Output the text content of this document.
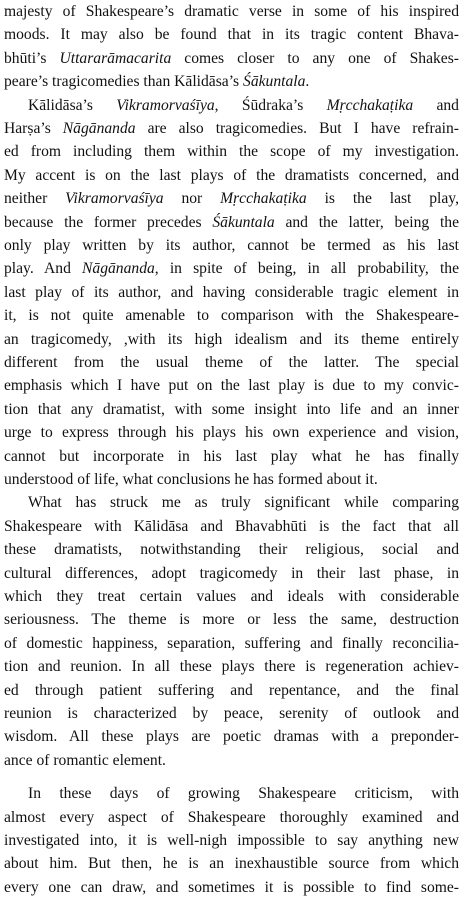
majesty of Shakespeare’s dramatic verse in some of his inspired
moods. It may also be found that in its tragic content Bhava-
bhūti’s Uttararāmacarita comes closer to any one of Shakes-
peare’s tragicomedies than Kālidāsa’s Śākuntala.
Kālidāsa’s Vikramorvaśīya, Śūdraka’s Mṛcchakaṭika and
Harṣa’s Nāgānanda are also tragicomedies. But I have refrain-
ed from including them within the scope of my investigation.
My accent is on the last plays of the dramatists concerned, and
neither Vikramorvaśīya nor Mṛcchakaṭika is the last play,
because the former precedes Śākuntala and the latter, being the
only play written by its author, cannot be termed as his last
play. And Nāgānanda, in spite of being, in all probability, the
last play of its author, and having considerable tragic element in
it, is not quite amenable to comparison with the Shakespeare-
an tragicomedy, ,with its high idealism and its theme entirely
different from the usual theme of the latter. The special
emphasis which I have put on the last play is due to my convic-
tion that any dramatist, with some insight into life and an inner
urge to express through his plays his own experience and vision,
cannot but incorporate in his last play what he has finally
understood of life, what conclusions he has formed about it.
What has struck me as truly significant while comparing
Shakespeare with Kālidāsa and Bhavabhūti is the fact that all
these dramatists, notwithstanding their religious, social and
cultural differences, adopt tragicomedy in their last phase, in
which they treat certain values and ideals with considerable
seriousness. The theme is more or less the same, destruction
of domestic happiness, separation, suffering and finally reconcilia-
tion and reunion. In all these plays there is regeneration achiev-
ed through patient suffering and repentance, and the final
reunion is characterized by peace, serenity of outlook and
wisdom. All these plays are poetic dramas with a preponder-
ance of romantic element.
In these days of growing Shakespeare criticism, with
almost every aspect of Shakespeare thoroughly examined and
investigated into, it is well-nigh impossible to say anything new
about him. But then, he is an inexhaustible source from which
every one can draw, and sometimes it is possible to find some-
